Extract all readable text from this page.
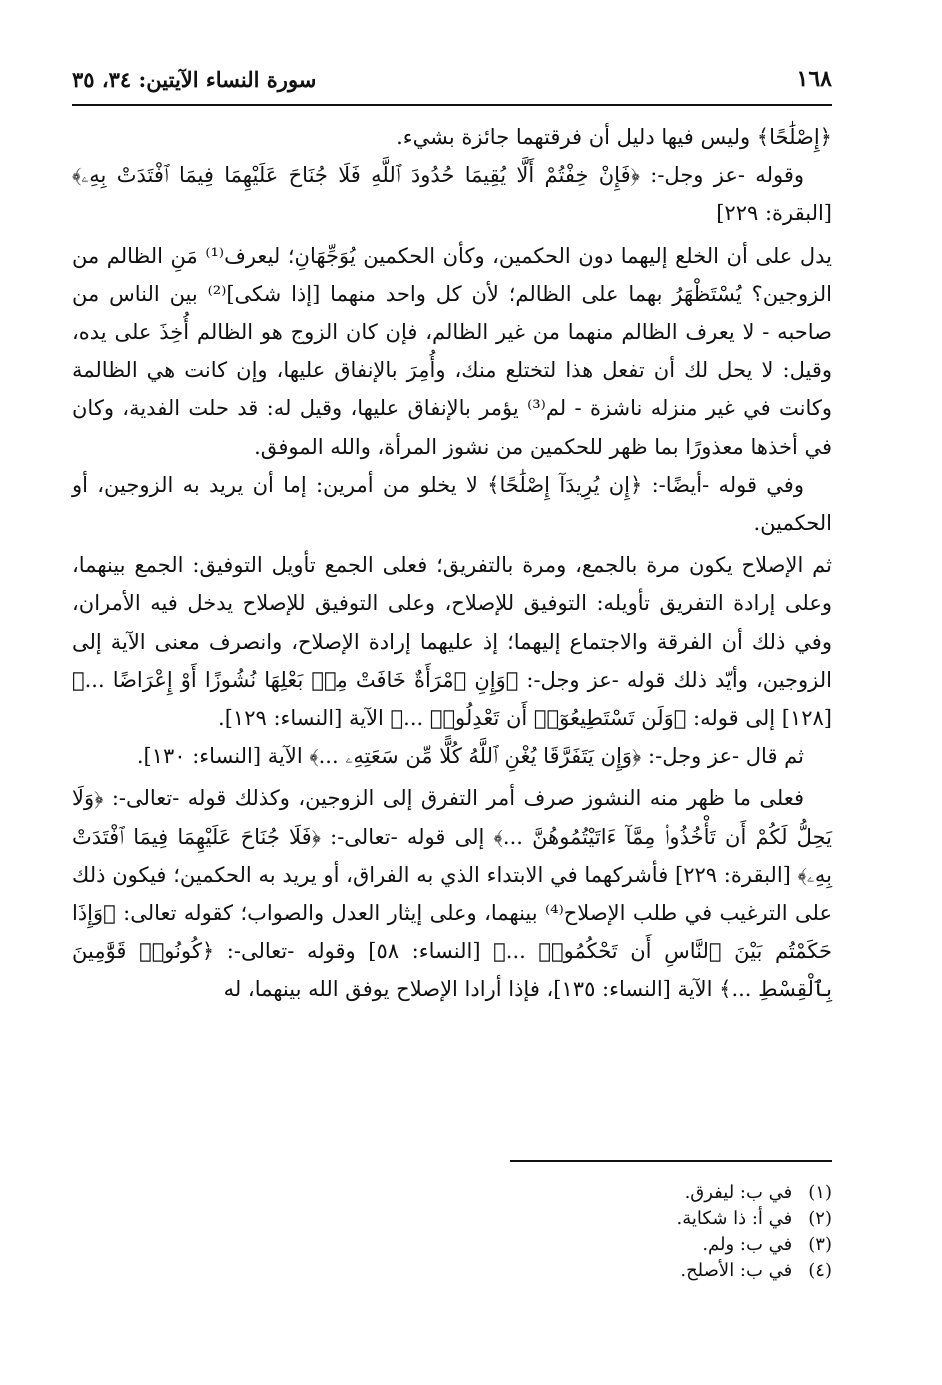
١٦٨
سورة النساء الآيتين: ٣٤، ٣٥

﴿إِصْلَٰحًا﴾ وليس فيها دليل أن فرقتهما جائزة بشيء.

وقوله -عز وجل-: ﴿فَإِنْ خِفْتُمْ أَلَّا يُقِيمَا حُدُودَ ٱللَّهِ فَلَا جُنَاحَ عَلَيْهِمَا فِيمَا ٱفْتَدَتْ بِهِۦ﴾ [البقرة: ٢٢٩]

يدل على أن الخلع إليهما دون الحكمين، وكأن الحكمين يُوَجِّهَانِ؛ ليعرف⁽¹⁾ مَنِ الظالم من الزوجين؟ يُسْتَظْهَرُ بهما على الظالم؛ لأن كل واحد منهما [إذا شكى]⁽²⁾ بين الناس من صاحبه - لا يعرف الظالم منهما من غير الظالم، فإن كان الزوج هو الظالم أُخِذَ على يده، وقيل: لا يحل لك أن تفعل هذا لتختلع منك، وأُمِرَ بالإنفاق عليها، وإن كانت هي الظالمة وكانت في غير منزله ناشزة - لم⁽³⁾ يؤمر بالإنفاق عليها، وقيل له: قد حلت الفدية، وكان في أخذها معذورًا بما ظهر للحكمين من نشوز المرأة، والله الموفق.

وفي قوله -أيضًا-: ﴿إِن يُرِيدَآ إِصْلَٰحًا﴾ لا يخلو من أمرين: إما أن يريد به الزوجين، أو الحكمين.

ثم الإصلاح يكون مرة بالجمع، ومرة بالتفريق؛ فعلى الجمع تأويل التوفيق: الجمع بينهما، وعلى إرادة التفريق تأويله: التوفيق للإصلاح، وعلى التوفيق للإصلاح يدخل فيه الأمران، وفي ذلك أن الفرقة والاجتماع إليهما؛ إذ عليهما إرادة الإصلاح، وانصرف معنى الآية إلى الزوجين، وأيّد ذلك قوله -عز وجل-: ﴿وَإِنِ ٱمْرَأَةٌ خَافَتْ مِنۢ بَعْلِهَا نُشُوزًا أَوْ إِعْرَاضًا ...﴾ [١٢٨] إلى قوله: ﴿وَلَن تَسْتَطِيعُوٓا۟ أَن تَعْدِلُوا۟ ...﴾ الآية [النساء: ١٢٩].

ثم قال -عز وجل-: ﴿وَإِن يَتَفَرَّقَا يُغْنِ ٱللَّهُ كُلًّا مِّن سَعَتِهِۦ ...﴾ الآية [النساء: ١٣٠].

فعلى ما ظهر منه النشوز صرف أمر التفرق إلى الزوجين، وكذلك قوله -تعالى-: ﴿وَلَا يَحِلُّ لَكُمْ أَن تَأْخُذُوا۟ مِمَّآ ءَاتَيْتُمُوهُنَّ ...﴾ إلى قوله -تعالى-: ﴿فَلَا جُنَاحَ عَلَيْهِمَا فِيمَا ٱفْتَدَتْ بِهِۦ﴾ [البقرة: ٢٢٩] فأشركهما في الابتداء الذي به الفراق، أو يريد به الحكمين؛ فيكون ذلك على الترغيب في طلب الإصلاح⁽⁴⁾ بينهما، وعلى إيثار العدل والصواب؛ كقوله تعالى: ﴿وَإِذَا حَكَمْتُم بَيْنَ ٱلنَّاسِ أَن تَحْكُمُوا۟ ...﴾ [النساء: ٥٨] وقوله -تعالى-: ﴿كُونُوا۟ قَوَّٰمِينَ بِٱلْقِسْطِ ...﴾ الآية [النساء: ١٣٥]، فإذا أرادا الإصلاح يوفق الله بينهما، له

(١) في ب: ليفرق.
(٢) في أ: ذا شكاية.
(٣) في ب: ولم.
(٤) في ب: الأصلح.
